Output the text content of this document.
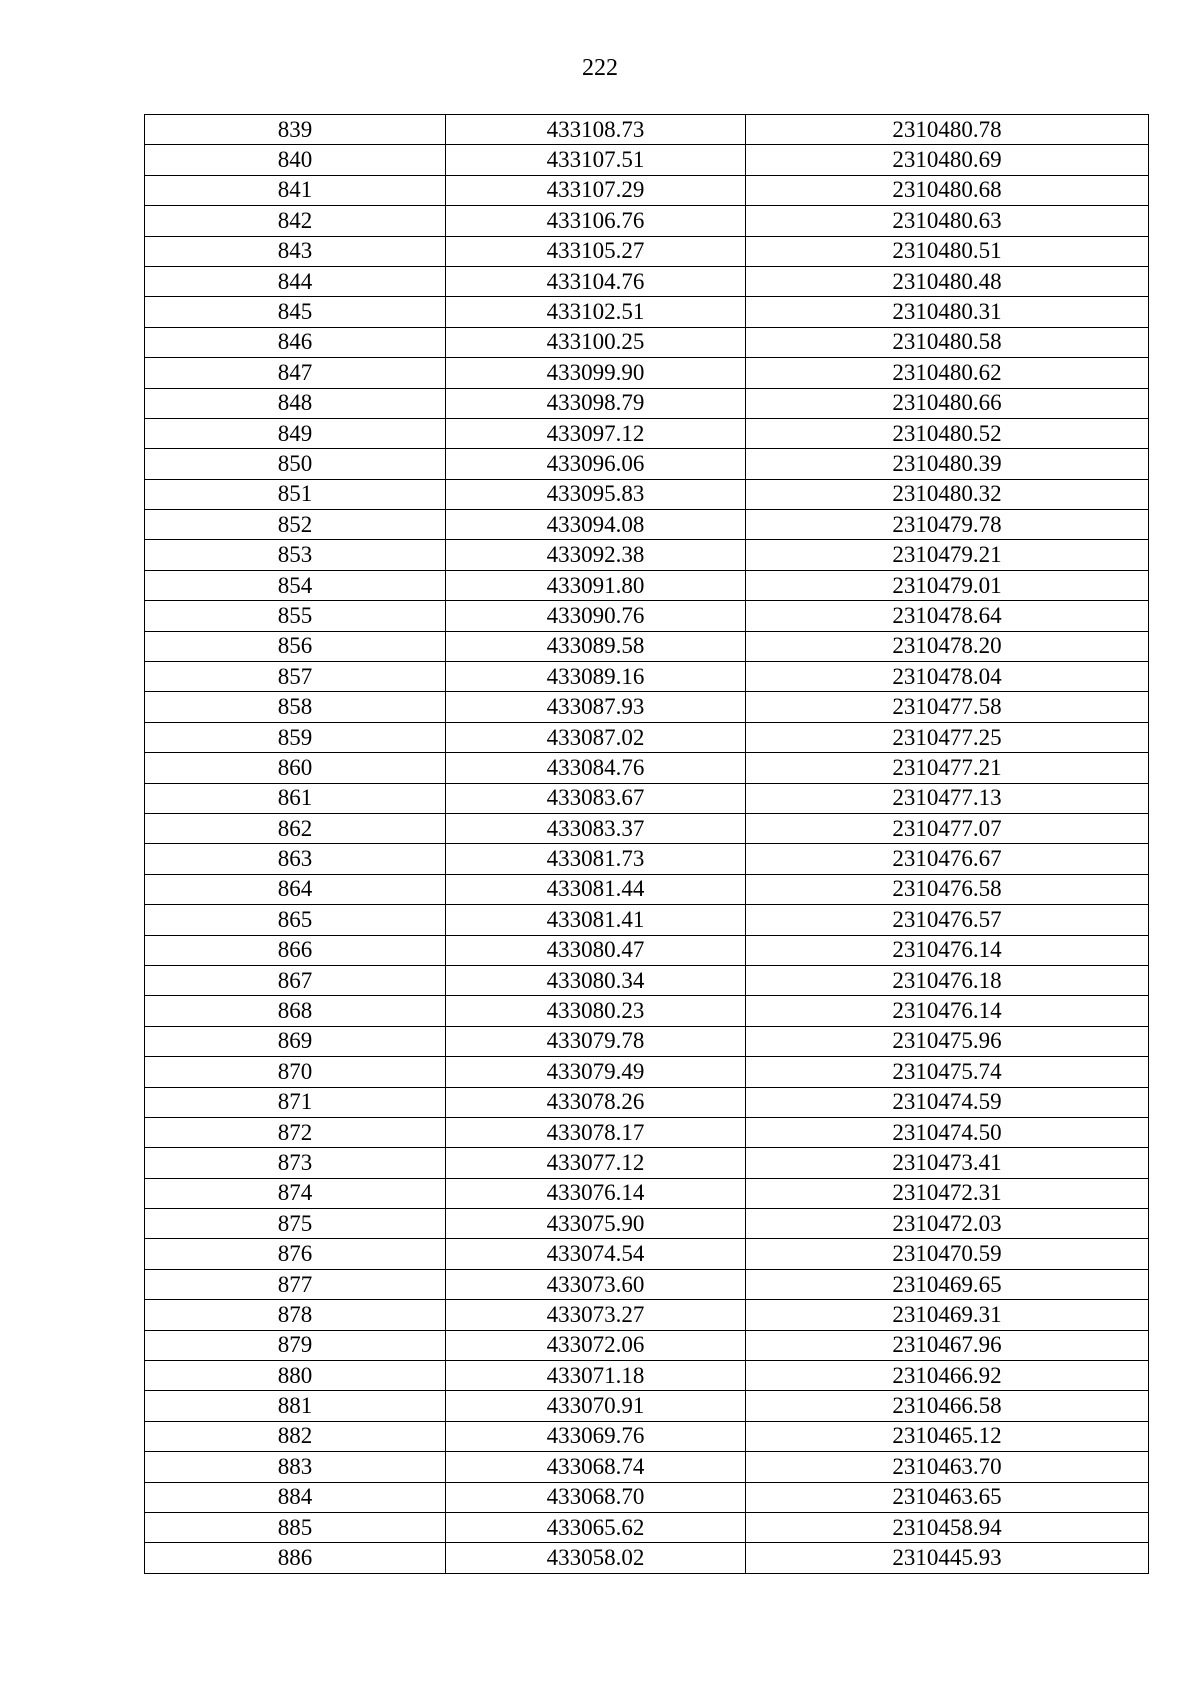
222
839	433108.73	2310480.78
840	433107.51	2310480.69
841	433107.29	2310480.68
842	433106.76	2310480.63
843	433105.27	2310480.51
844	433104.76	2310480.48
845	433102.51	2310480.31
846	433100.25	2310480.58
847	433099.90	2310480.62
848	433098.79	2310480.66
849	433097.12	2310480.52
850	433096.06	2310480.39
851	433095.83	2310480.32
852	433094.08	2310479.78
853	433092.38	2310479.21
854	433091.80	2310479.01
855	433090.76	2310478.64
856	433089.58	2310478.20
857	433089.16	2310478.04
858	433087.93	2310477.58
859	433087.02	2310477.25
860	433084.76	2310477.21
861	433083.67	2310477.13
862	433083.37	2310477.07
863	433081.73	2310476.67
864	433081.44	2310476.58
865	433081.41	2310476.57
866	433080.47	2310476.14
867	433080.34	2310476.18
868	433080.23	2310476.14
869	433079.78	2310475.96
870	433079.49	2310475.74
871	433078.26	2310474.59
872	433078.17	2310474.50
873	433077.12	2310473.41
874	433076.14	2310472.31
875	433075.90	2310472.03
876	433074.54	2310470.59
877	433073.60	2310469.65
878	433073.27	2310469.31
879	433072.06	2310467.96
880	433071.18	2310466.92
881	433070.91	2310466.58
882	433069.76	2310465.12
883	433068.74	2310463.70
884	433068.70	2310463.65
885	433065.62	2310458.94
886	433058.02	2310445.93
